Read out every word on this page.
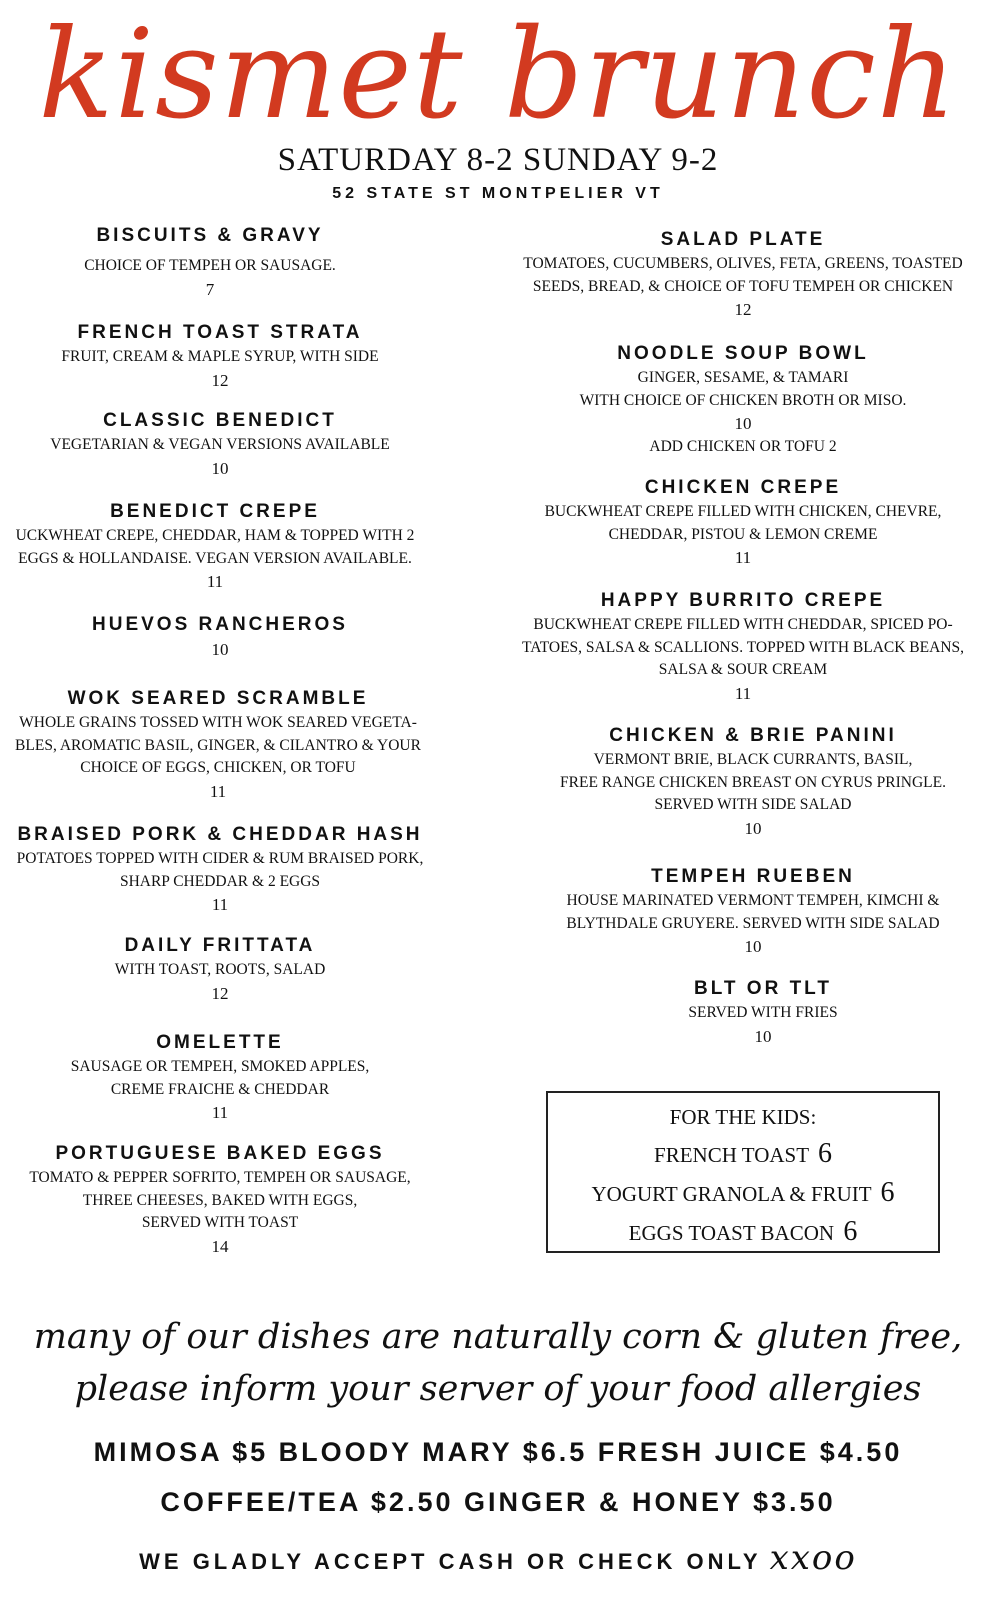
kismet brunch
SATURDAY 8-2 SUNDAY 9-2
52 STATE ST MONTPELIER VT
BISCUITS & GRAVY
CHOICE OF TEMPEH OR SAUSAGE.
7
FRENCH TOAST STRATA
FRUIT, CREAM & MAPLE SYRUP, WITH SIDE
12
CLASSIC BENEDICT
VEGETARIAN & VEGAN VERSIONS AVAILABLE
10
BENEDICT CREPE
UCKWHEAT CREPE, CHEDDAR, HAM & TOPPED WITH 2
EGGS & HOLLANDAISE. VEGAN VERSION AVAILABLE.
11
HUEVOS RANCHEROS
10
WOK SEARED SCRAMBLE
WHOLE GRAINS TOSSED WITH WOK SEARED VEGETA-
BLES, AROMATIC BASIL, GINGER, & CILANTRO & YOUR
CHOICE OF EGGS, CHICKEN, OR TOFU
11
BRAISED PORK & CHEDDAR HASH
POTATOES TOPPED WITH CIDER & RUM BRAISED PORK,
SHARP CHEDDAR & 2 EGGS
11
DAILY FRITTATA
WITH TOAST, ROOTS, SALAD
12
OMELETTE
SAUSAGE OR TEMPEH, SMOKED APPLES,
CREME FRAICHE & CHEDDAR
11
PORTUGUESE BAKED EGGS
TOMATO & PEPPER SOFRITO, TEMPEH OR SAUSAGE,
THREE CHEESES, BAKED WITH EGGS,
SERVED WITH TOAST
14
SALAD PLATE
TOMATOES, CUCUMBERS, OLIVES, FETA, GREENS, TOASTED
SEEDS, BREAD, & CHOICE OF TOFU TEMPEH OR CHICKEN
12
NOODLE SOUP BOWL
GINGER, SESAME, & TAMARI
WITH CHOICE OF CHICKEN BROTH OR MISO.
10
ADD CHICKEN OR TOFU 2
CHICKEN CREPE
BUCKWHEAT CREPE FILLED WITH CHICKEN, CHEVRE,
CHEDDAR, PISTOU & LEMON CREME
11
HAPPY BURRITO CREPE
BUCKWHEAT CREPE FILLED WITH CHEDDAR, SPICED PO-
TATOES, SALSA & SCALLIONS. TOPPED WITH BLACK BEANS,
SALSA & SOUR CREAM
11
CHICKEN & BRIE PANINI
VERMONT BRIE, BLACK CURRANTS, BASIL,
FREE RANGE CHICKEN BREAST ON CYRUS PRINGLE.
SERVED WITH SIDE SALAD
10
TEMPEH RUEBEN
HOUSE MARINATED VERMONT TEMPEH, KIMCHI &
BLYTHDALE GRUYERE. SERVED WITH SIDE SALAD
10
BLT OR TLT
SERVED WITH FRIES
10
FOR THE KIDS:
FRENCH TOAST 6
YOGURT GRANOLA & FRUIT 6
EGGS TOAST BACON 6
many of our dishes are naturally corn & gluten free,
please inform your server of your food allergies
MIMOSA $5 BLOODY MARY $6.5 FRESH JUICE $4.50
COFFEE/TEA $2.50 GINGER & HONEY $3.50
WE GLADLY ACCEPT CASH OR CHECK ONLY xxoo
